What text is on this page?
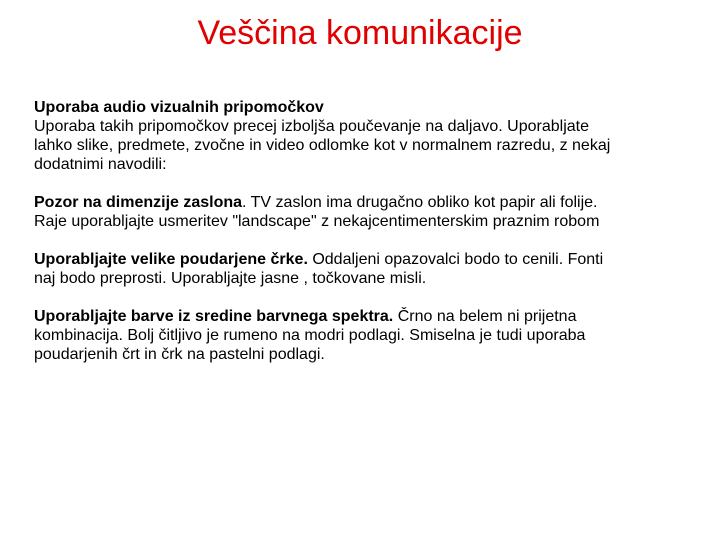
Veščina komunikacije
Uporaba audio vizualnih pripomočkov
Uporaba takih pripomočkov precej izboljša poučevanje na daljavo. Uporabljate
lahko slike, predmete, zvočne in video odlomke kot v normalnem razredu, z nekaj
dodatnimi navodili:
Pozor na dimenzije zaslona. TV zaslon ima drugačno obliko kot papir ali folije.
Raje uporabljajte usmeritev "landscape" z nekajcentimenterskim praznim robom
Uporabljajte velike poudarjene črke. Oddaljeni opazovalci bodo to cenili. Fonti
naj bodo preprosti. Uporabljajte jasne , točkovane misli.
Uporabljajte barve iz sredine barvnega spektra. Črno na belem ni prijetna
kombinacija. Bolj čitljivo je rumeno na modri podlagi. Smiselna je tudi uporaba
poudarjenih črt in črk na pastelni podlagi.
